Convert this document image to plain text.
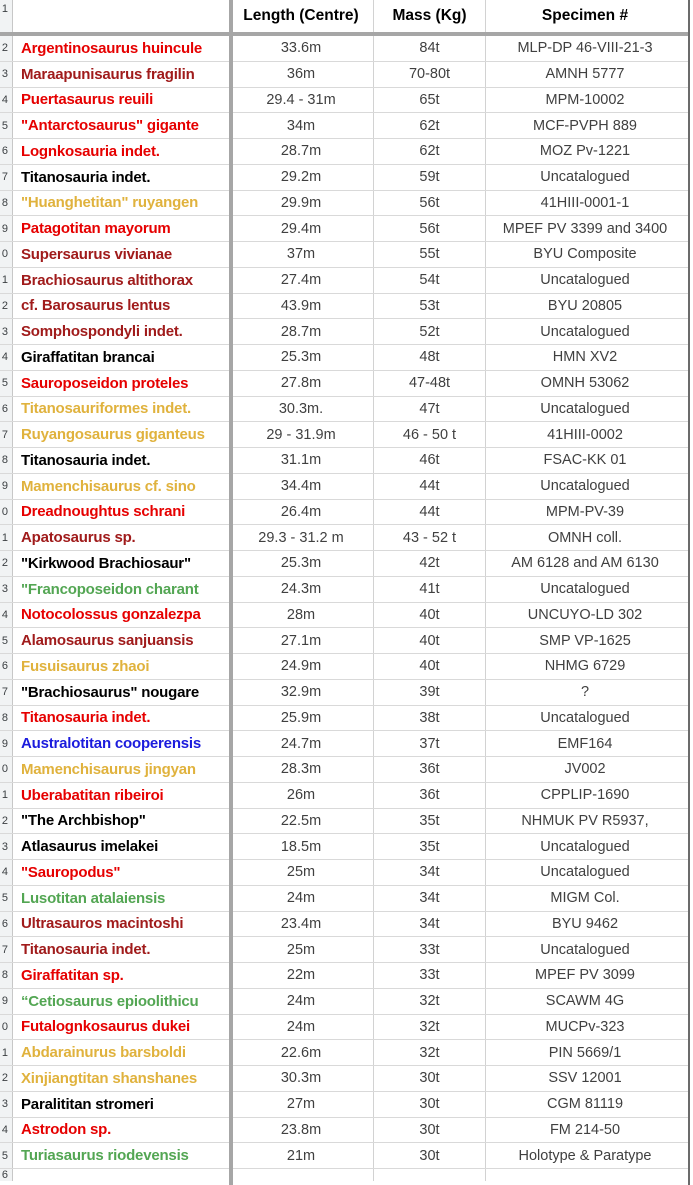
1	Length (Centre)	Mass (Kg)	Specimen #
2 Argentinosaurus huincule	33.6m	84t	MLP-DP 46-VIII-21-3
3 Maraapunisaurus fragilin	36m	70-80t	AMNH 5777
4 Puertasaurus reuili	29.4 - 31m	65t	MPM-10002
5 "Antarctosaurus" gigante	34m	62t	MCF-PVPH 889
6 Lognkosauria indet.	28.7m	62t	MOZ Pv-1221
7 Titanosauria indet.	29.2m	59t	Uncatalogued
8 "Huanghetitan" ruyangen	29.9m	56t	41HIII-0001-1
9 Patagotitan mayorum	29.4m	56t	MPEF PV 3399 and 3400
0 Supersaurus vivianae	37m	55t	BYU Composite
1 Brachiosaurus altithorax	27.4m	54t	Uncatalogued
2 cf. Barosaurus lentus	43.9m	53t	BYU 20805
3 Somphospondyli indet.	28.7m	52t	Uncatalogued
4 Giraffatitan brancai	25.3m	48t	HMN XV2
5 Sauroposeidon proteles	27.8m	47-48t	OMNH 53062
6 Titanosauriformes indet.	30.3m.	47t	Uncatalogued
7 Ruyangosaurus giganteus	29 - 31.9m	46 - 50 t	41HIII-0002
8 Titanosauria indet.	31.1m	46t	FSAC-KK 01
9 Mamenchisaurus cf. sino	34.4m	44t	Uncatalogued
0 Dreadnoughtus schrani	26.4m	44t	MPM-PV-39
1 Apatosaurus sp.	29.3 - 31.2 m	43 - 52 t	OMNH coll.
2 "Kirkwood Brachiosaur"	25.3m	42t	AM 6128 and AM 6130
3 "Francoposeidon charant	24.3m	41t	Uncatalogued
4 Notocolossus gonzalezpa	28m	40t	UNCUYO-LD 302
5 Alamosaurus sanjuansis	27.1m	40t	SMP VP-1625
6 Fusuisaurus zhaoi	24.9m	40t	NHMG 6729
7 "Brachiosaurus" nougare	32.9m	39t	?
8 Titanosauria indet.	25.9m	38t	Uncatalogued
9 Australotitan cooperensis	24.7m	37t	EMF164
0 Mamenchisaurus jingyan	28.3m	36t	JV002
1 Uberabatitan ribeiroi	26m	36t	CPPLIP-1690
2 "The Archbishop"	22.5m	35t	NHMUK PV R5937,
3 Atlasaurus imelakei	18.5m	35t	Uncatalogued
4 "Sauropodus"	25m	34t	Uncatalogued
5 Lusotitan atalaiensis	24m	34t	MIGM Col.
6 Ultrasauros macintoshi	23.4m	34t	BYU 9462
7 Titanosauria indet.	25m	33t	Uncatalogued
8 Giraffatitan sp.	22m	33t	MPEF PV 3099
9 “Cetiosaurus epioolithicu	24m	32t	SCAWM 4G
0 Futalognkosaurus dukei	24m	32t	MUCPv-323
1 Abdarainurus barsboldi	22.6m	32t	PIN 5669/1
2 Xinjiangtitan shanshanes	30.3m	30t	SSV 12001
3 Paralititan stromeri	27m	30t	CGM 81119
4 Astrodon sp.	23.8m	30t	FM 214-50
5 Turiasaurus riodevensis	21m	30t	Holotype & Paratype
6
